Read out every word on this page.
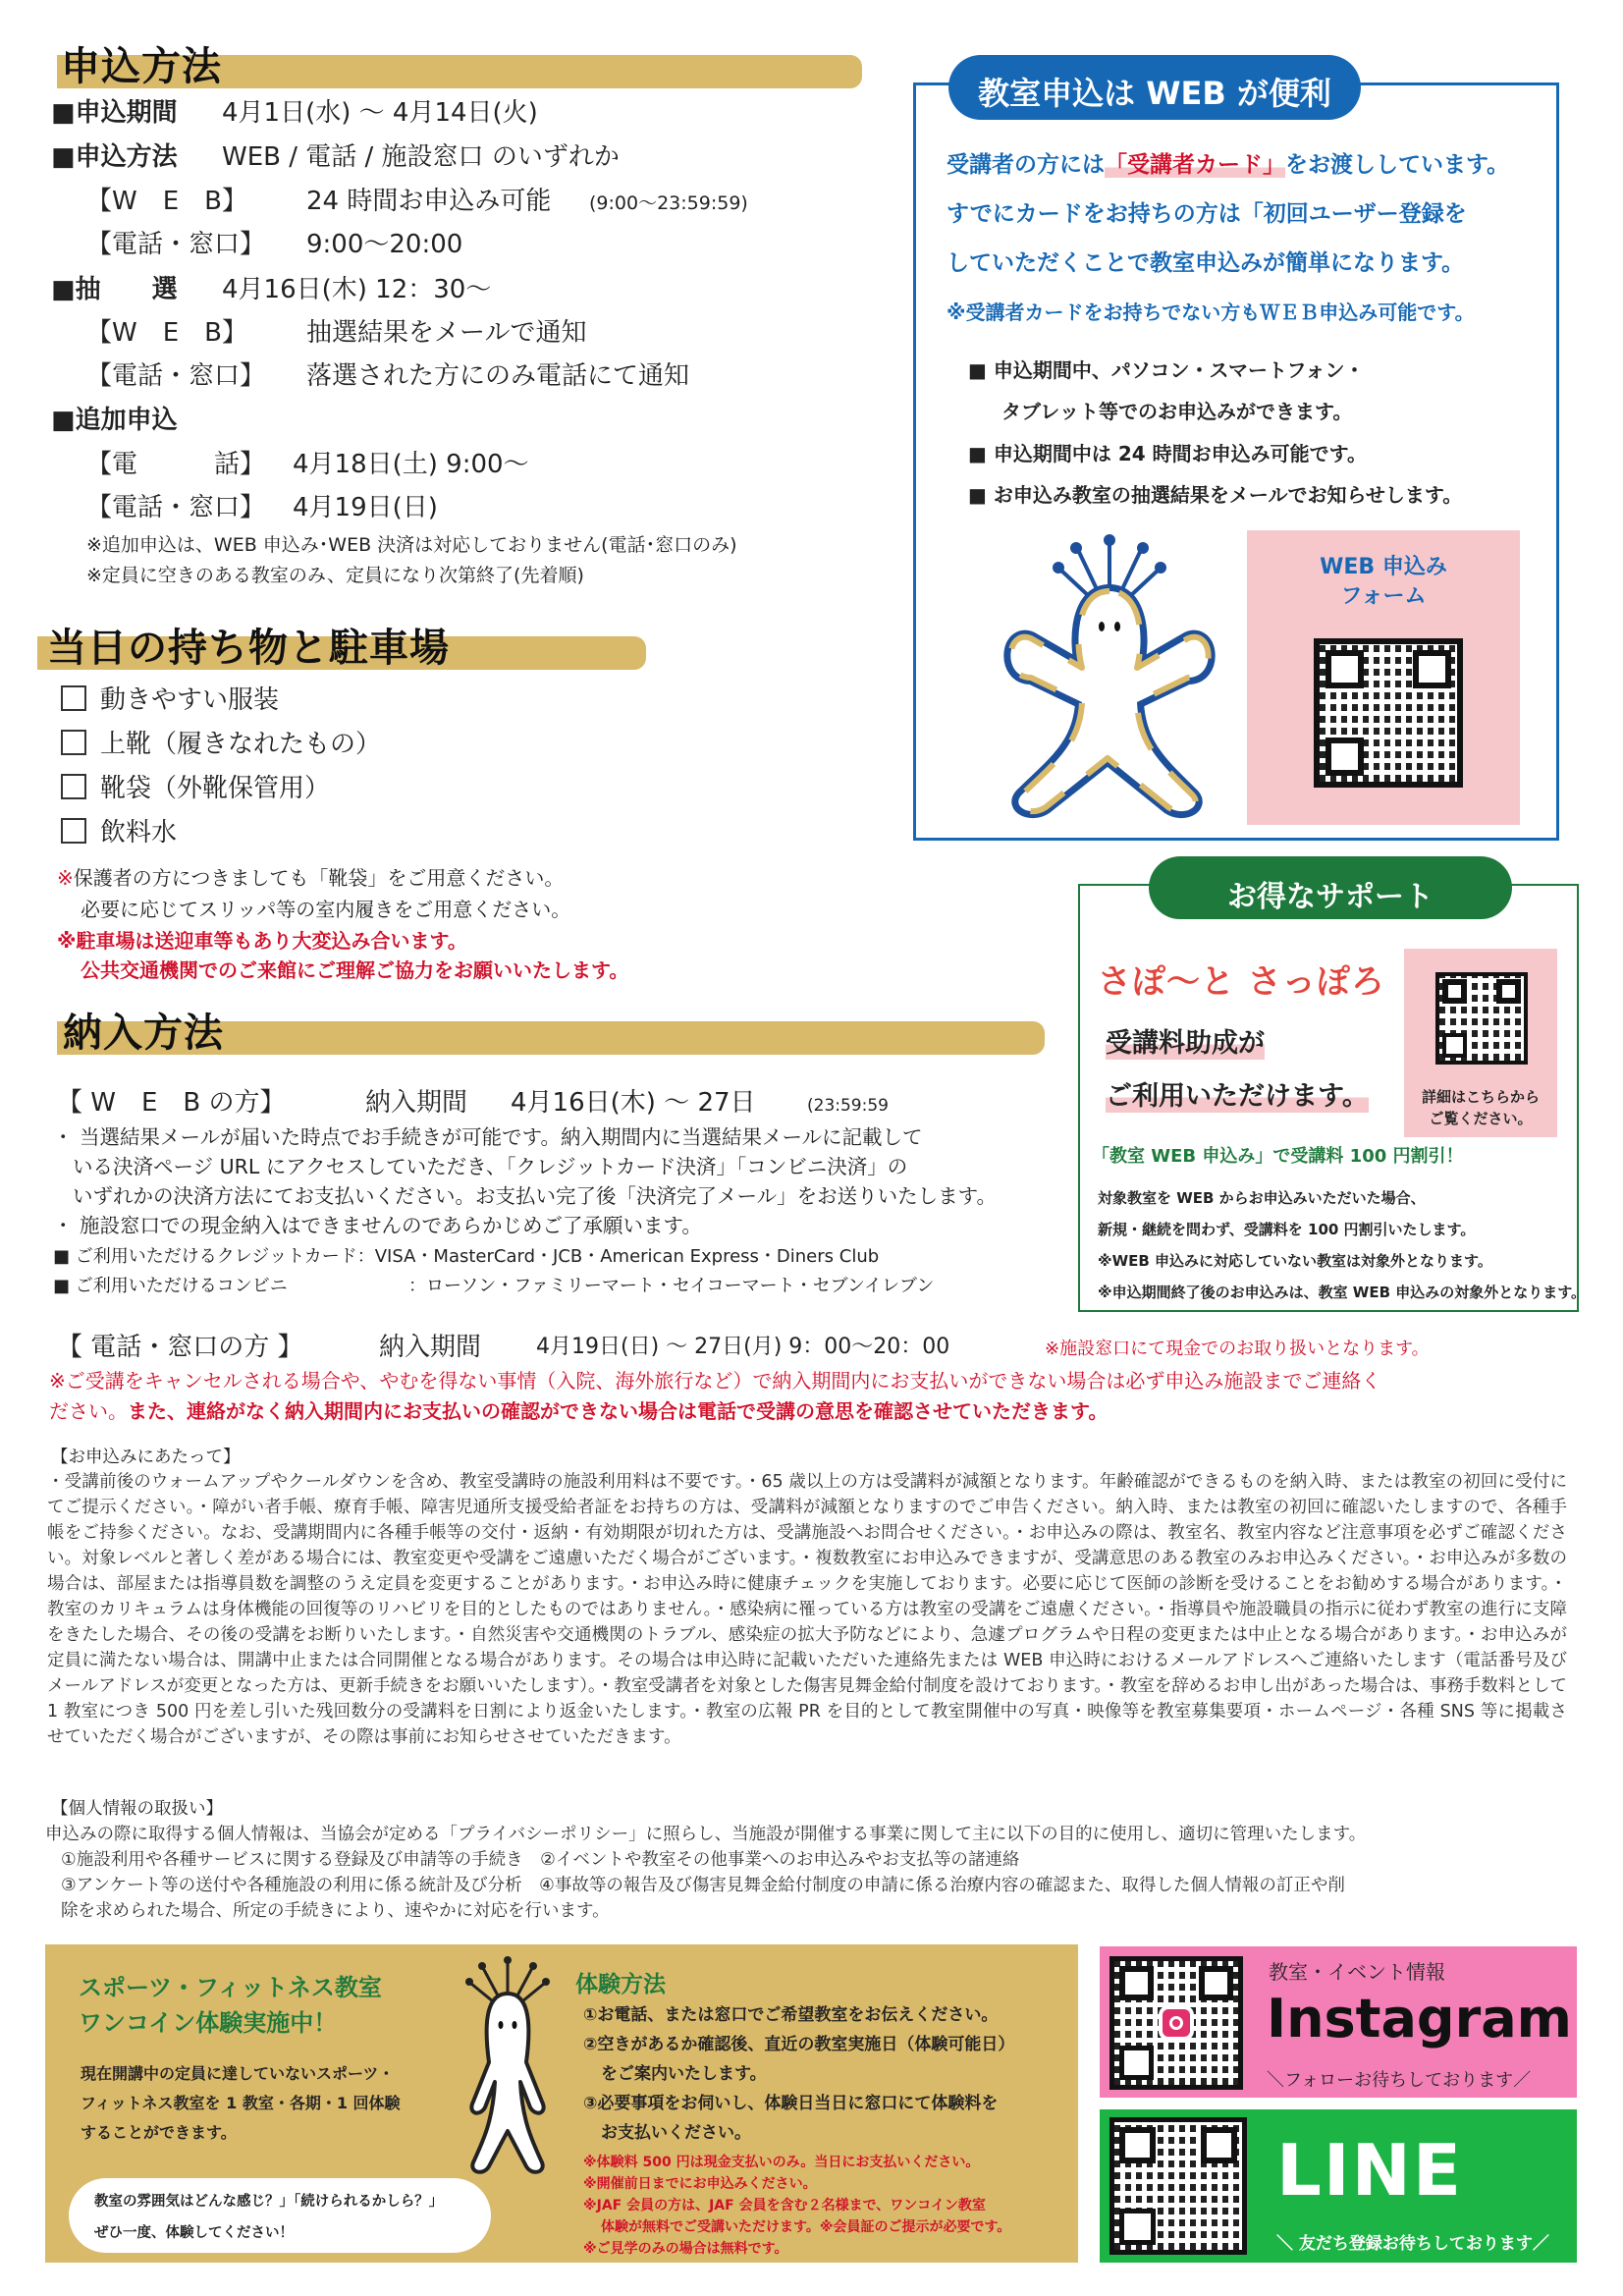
申込方法
■申込期間 4月1日(水) 〜 4月14日(火)
■申込方法 WEB / 電話 / 施設窓口 のいずれか
【W　E　B】 24 時間お申込み可能 (9:00〜23:59:59)
【電話・窓口】 9:00〜20:00
■抽　　選 4月16日(木) 12：30〜
【W　E　B】 抽選結果をメールで通知
【電話・窓口】 落選された方にのみ電話にて通知
■追加申込
【電　　　話】 4月18日(土) 9:00〜
【電話・窓口】 4月19日(日)
※追加申込は、WEB 申込み･WEB 決済は対応しておりません(電話･窓口のみ)
※定員に空きのある教室のみ、定員になり次第終了(先着順)
当日の持ち物と駐車場
動きやすい服装
上靴（履きなれたもの）
靴袋（外靴保管用）
飲料水
※保護者の方につきましても「靴袋」をご用意ください。
必要に応じてスリッパ等の室内履きをご用意ください。
※駐車場は送迎車等もあり大変込み合います。
公共交通機関でのご来館にご理解ご協力をお願いいたします。
教室申込は WEB が便利
受講者の方には「受講者カード」をお渡ししています。
すでにカードをお持ちの方は「初回ユーザー登録を
していただくことで教室申込みが簡単になります。
※受講者カードをお持ちでない方もＷＥＢ申込み可能です。
■ 申込期間中、パソコン・スマートフォン・
タブレット等でのお申込みができます。
■ 申込期間中は 24 時間お申込み可能です。
■ お申込み教室の抽選結果をメールでお知らせします。
WEB 申込み
フォーム
お得なサポート
さぽ〜と さっぽろ
受講料助成が
ご利用いただけます。	詳細はこちらから
ご覧ください。
「教室 WEB 申込み」で受講料 100 円割引！
対象教室を WEB からお申込みいただいた場合、
新規・継続を問わず、受講料を 100 円割引いたします。
※WEB 申込みに対応していない教室は対象外となります。
※申込期間終了後のお申込みは、教室 WEB 申込みの対象外となります。
納入方法
【 W　E　B の方】	納入期間 4月16日(木) 〜 27日	(23:59:59
・ 当選結果メールが届いた時点でお手続きが可能です。納入期間内に当選結果メールに記載して
いる決済ページ URL にアクセスしていただき、「クレジットカード決済」「コンビニ決済」の
いずれかの決済方法にてお支払いください。お支払い完了後「決済完了メール」をお送りいたします。
・ 施設窓口での現金納入はできませんのであらかじめご了承願います。
■ ご利用いただけるクレジットカード：VISA・MasterCard・JCB・American Express・Diners Club
■ ご利用いただけるコンビニ	：ローソン・ファミリーマート・セイコーマート・セブンイレブン
【 電話・窓口の方 】	納入期間	4月19日(日) 〜 27日(月) 9：00〜20：00	※施設窓口にて現金でのお取り扱いとなります。
※ご受講をキャンセルされる場合や、やむを得ない事情（入院、海外旅行など）で納入期間内にお支払いができない場合は必ず申込み施設までご連絡く
ださい。また、連絡がなく納入期間内にお支払いの確認ができない場合は電話で受講の意思を確認させていただきます。
【お申込みにあたって】
・受講前後のウォームアップやクールダウンを含め、教室受講時の施設利用料は不要です。・65 歳以上の方は受講料が減額となります。年齢確認ができるものを納入時、または教室の初回に受付にてご提示ください。・障がい者手帳、療育手帳、障害児通所支援受給者証をお持ちの方は、受講料が減額となりますのでご申告ください。納入時、または教室の初回に確認いたしますので、各種手帳をご持参ください。なお、受講期間内に各種手帳等の交付・返納・有効期限が切れた方は、受講施設へお問合せください。・お申込みの際は、教室名、教室内容など注意事項を必ずご確認ください。対象レベルと著しく差がある場合には、教室変更や受講をご遠慮いただく場合がございます。・複数教室にお申込みできますが、受講意思のある教室のみお申込みください。・お申込みが多数の場合は、部屋または指導員数を調整のうえ定員を変更することがあります。・お申込み時に健康チェックを実施しております。必要に応じて医師の診断を受けることをお勧めする場合があります。・教室のカリキュラムは身体機能の回復等のリハビリを目的としたものではありません。・感染病に罹っている方は教室の受講をご遠慮ください。・指導員や施設職員の指示に従わず教室の進行に支障をきたした場合、その後の受講をお断りいたします。・自然災害や交通機関のトラブル、感染症の拡大予防などにより、急遽プログラムや日程の変更または中止となる場合があります。・お申込みが定員に満たない場合は、開講中止または合同開催となる場合があります。その場合は申込時に記載いただいた連絡先または WEB 申込時におけるメールアドレスへご連絡いたします（電話番号及びメールアドレスが変更となった方は、更新手続きをお願いいたします）。・教室受講者を対象とした傷害見舞金給付制度を設けております。・教室を辞めるお申し出があった場合は、事務手数料として 1 教室につき 500 円を差し引いた残回数分の受講料を日割により返金いたします。・教室の広報 PR を目的として教室開催中の写真・映像等を教室募集要項・ホームページ・各種 SNS 等に掲載させていただく場合がございますが、その際は事前にお知らせさせていただきます。
【個人情報の取扱い】
申込みの際に取得する個人情報は、当協会が定める「プライバシーポリシー」に照らし、当施設が開催する事業に関して主に以下の目的に使用し、適切に管理いたします。
①施設利用や各種サービスに関する登録及び申請等の手続き　②イベントや教室その他事業へのお申込みやお支払等の諸連絡
③アンケート等の送付や各種施設の利用に係る統計及び分析　④事故等の報告及び傷害見舞金給付制度の申請に係る治療内容の確認また、取得した個人情報の訂正や削
除を求められた場合、所定の手続きにより、速やかに対応を行います。
スポーツ・フィットネス教室
ワンコイン体験実施中！
現在開講中の定員に達していないスポーツ・
フィットネス教室を 1 教室・各期・1 回体験
することができます。
教室の雰囲気はどんな感じ？」「続けられるかしら？」
ぜひ一度、体験してください！
体験方法
①お電話、または窓口でご希望教室をお伝えください。
②空きがあるか確認後、直近の教室実施日（体験可能日）
をご案内いたします。
③必要事項をお伺いし、体験日当日に窓口にて体験料を
お支払いください。
※体験料 500 円は現金支払いのみ。当日にお支払いください。
※開催前日までにお申込みください。
※JAF 会員の方は、JAF 会員を含む２名様まで、ワンコイン教室
体験が無料でご受講いただけます。※会員証のご提示が必要です。
※ご見学のみの場合は無料です。
教室・イベント情報
Instagram
＼フォローお待ちしております／
LINE
＼ 友だち登録お待ちしております／
